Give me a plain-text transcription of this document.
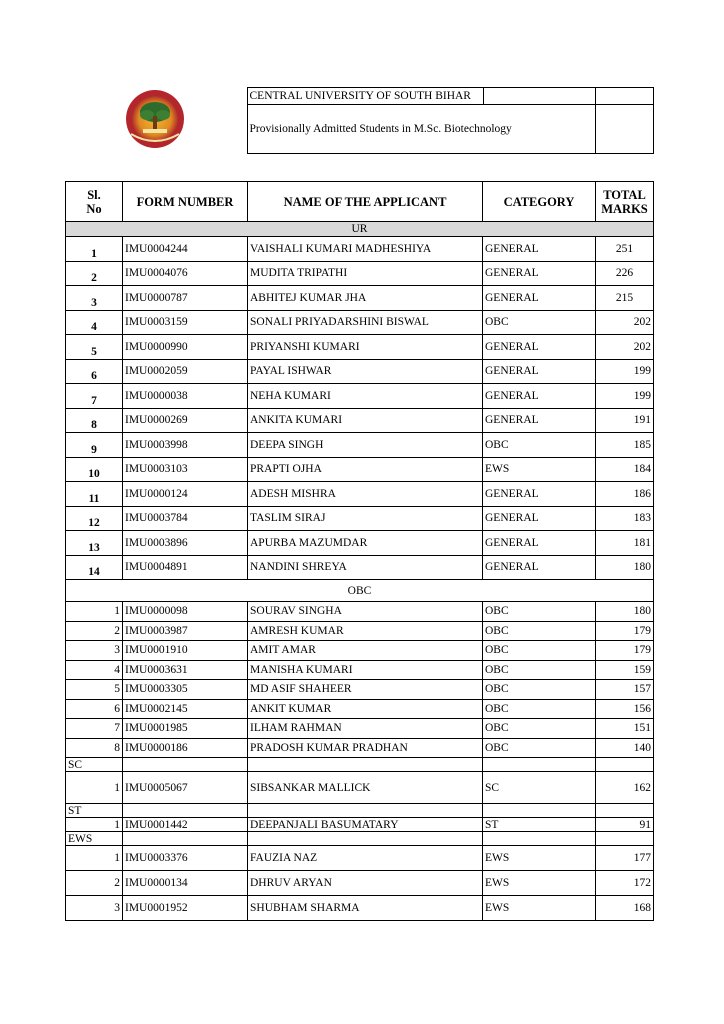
	CENTRAL UNIVERSITY OF SOUTH BIHAR		
	Provisionally Admitted Students in M.Sc. Biotechnology		
Sl. No	FORM NUMBER	NAME OF THE APPLICANT	CATEGORY	TOTAL MARKS
UR				
1	IMU0004244	VAISHALI KUMARI MADHESHIYA	GENERAL	251
2	IMU0004076	MUDITA TRIPATHI	GENERAL	226
3	IMU0000787	ABHITEJ KUMAR JHA	GENERAL	215
4	IMU0003159	SONALI PRIYADARSHINI BISWAL	OBC	202
5	IMU0000990	PRIYANSHI KUMARI	GENERAL	202
6	IMU0002059	PAYAL ISHWAR	GENERAL	199
7	IMU0000038	NEHA KUMARI	GENERAL	199
8	IMU0000269	ANKITA KUMARI	GENERAL	191
9	IMU0003998	DEEPA SINGH	OBC	185
10	IMU0003103	PRAPTI OJHA	EWS	184
11	IMU0000124	ADESH MISHRA	GENERAL	186
12	IMU0003784	TASLIM SIRAJ	GENERAL	183
13	IMU0003896	APURBA MAZUMDAR	GENERAL	181
14	IMU0004891	NANDINI SHREYA	GENERAL	180
OBC				
1	IMU0000098	SOURAV SINGHA	OBC	180
2	IMU0003987	AMRESH KUMAR	OBC	179
3	IMU0001910	AMIT AMAR	OBC	179
4	IMU0003631	MANISHA KUMARI	OBC	159
5	IMU0003305	MD ASIF SHAHEER	OBC	157
6	IMU0002145	ANKIT KUMAR	OBC	156
7	IMU0001985	ILHAM RAHMAN	OBC	151
8	IMU0000186	PRADOSH KUMAR PRADHAN	OBC	140
SC				
1	IMU0005067	SIBSANKAR MALLICK	SC	162
ST				
1	IMU0001442	DEEPANJALI BASUMATARY	ST	91
EWS				
1	IMU0003376	FAUZIA NAZ	EWS	177
2	IMU0000134	DHRUV ARYAN	EWS	172
3	IMU0001952	SHUBHAM SHARMA	EWS	168
